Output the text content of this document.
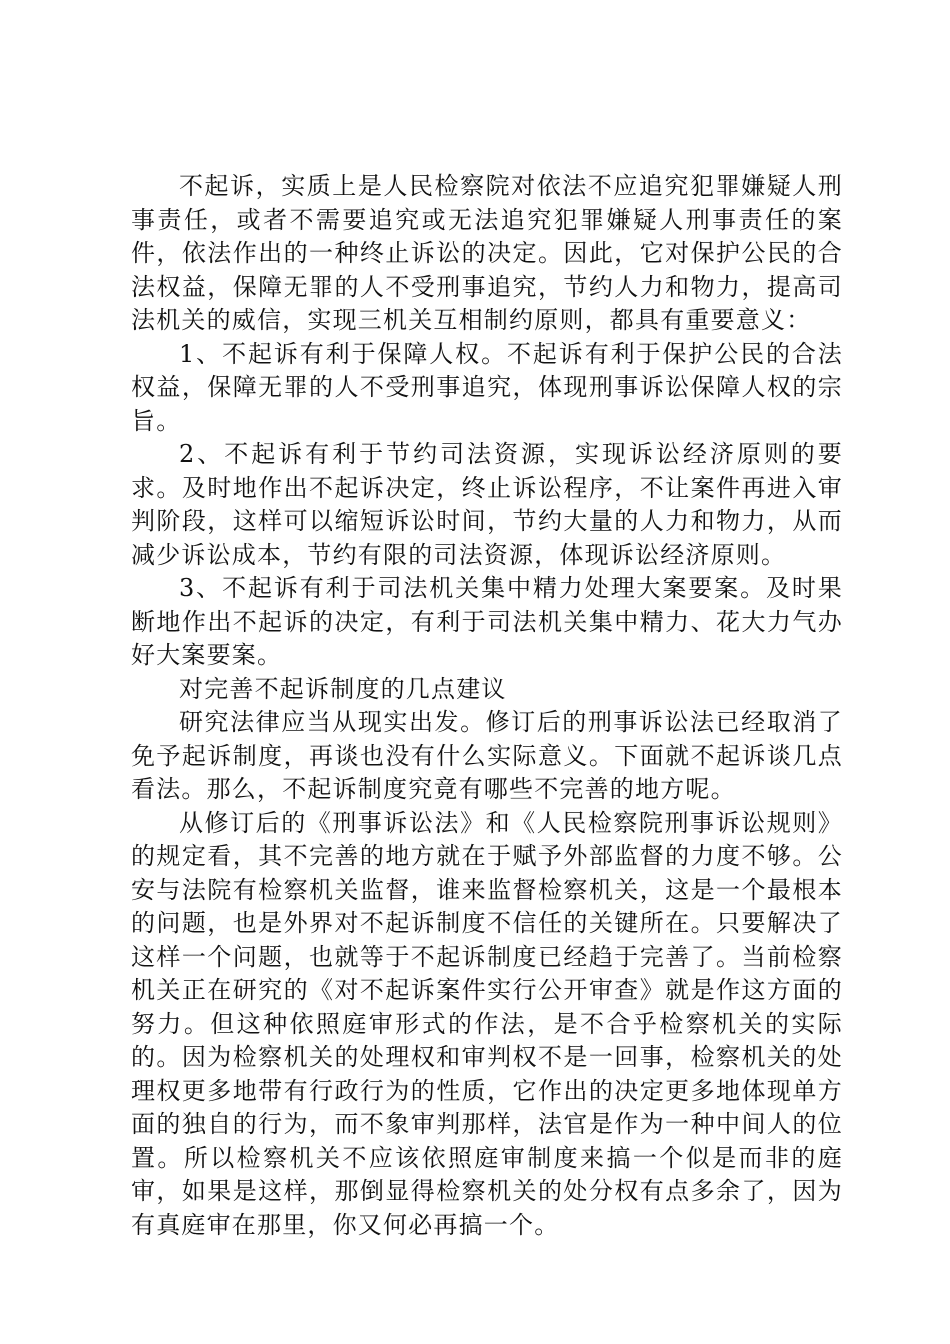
不起诉，实质上是人民检察院对依法不应追究犯罪嫌疑人刑事责任，或者不需要追究或无法追究犯罪嫌疑人刑事责任的案件，依法作出的一种终止诉讼的决定。因此，它对保护公民的合法权益，保障无罪的人不受刑事追究，节约人力和物力，提高司法机关的威信，实现三机关互相制约原则，都具有重要意义：

1、不起诉有利于保障人权。不起诉有利于保护公民的合法权益，保障无罪的人不受刑事追究，体现刑事诉讼保障人权的宗旨。

2、不起诉有利于节约司法资源，实现诉讼经济原则的要求。及时地作出不起诉决定，终止诉讼程序，不让案件再进入审判阶段，这样可以缩短诉讼时间，节约大量的人力和物力，从而减少诉讼成本，节约有限的司法资源，体现诉讼经济原则。

3、不起诉有利于司法机关集中精力处理大案要案。及时果断地作出不起诉的决定，有利于司法机关集中精力、花大力气办好大案要案。

对完善不起诉制度的几点建议

研究法律应当从现实出发。修订后的刑事诉讼法已经取消了免予起诉制度，再谈也没有什么实际意义。下面就不起诉谈几点看法。那么，不起诉制度究竟有哪些不完善的地方呢。

从修订后的《刑事诉讼法》和《人民检察院刑事诉讼规则》的规定看，其不完善的地方就在于赋予外部监督的力度不够。公安与法院有检察机关监督，谁来监督检察机关，这是一个最根本的问题，也是外界对不起诉制度不信任的关键所在。只要解决了这样一个问题，也就等于不起诉制度已经趋于完善了。当前检察机关正在研究的《对不起诉案件实行公开审查》就是作这方面的努力。但这种依照庭审形式的作法，是不合乎检察机关的实际的。因为检察机关的处理权和审判权不是一回事，检察机关的处理权更多地带有行政行为的性质，它作出的决定更多地体现单方面的独自的行为，而不象审判那样，法官是作为一种中间人的位置。所以检察机关不应该依照庭审制度来搞一个似是而非的庭审，如果是这样，那倒显得检察机关的处分权有点多余了，因为有真庭审在那里，你又何必再搞一个。
